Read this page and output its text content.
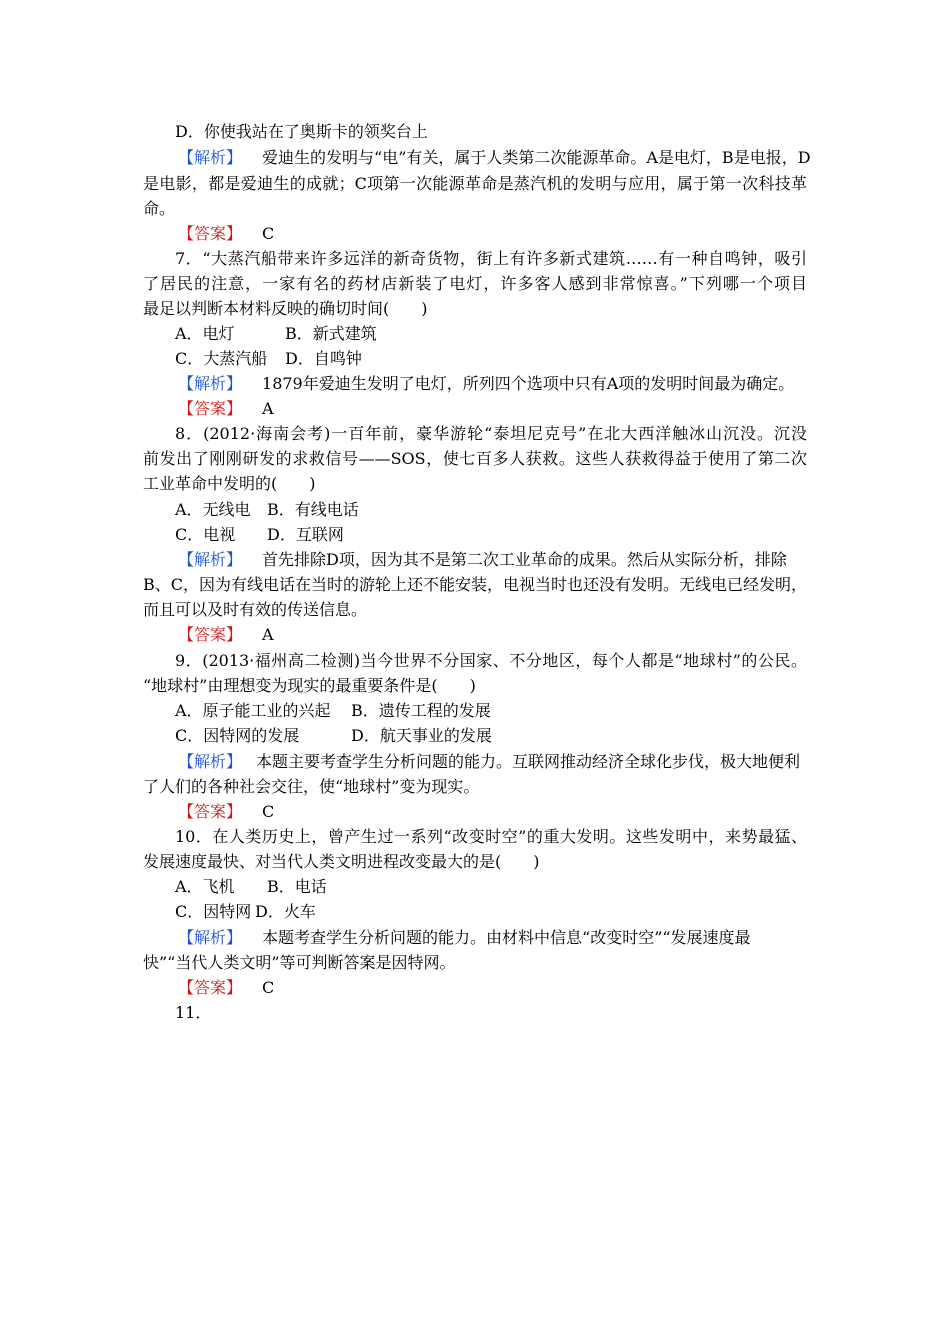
D．你使我站在了奥斯卡的领奖台上
【解析】 爱迪生的发明与“电”有关，属于人类第二次能源革命。A是电灯，B是电报，D
是电影，都是爱迪生的成就；C项第一次能源革命是蒸汽机的发明与应用，属于第一次科技革
命。
【答案】 C
7．“大蒸汽船带来许多远洋的新奇货物，街上有许多新式建筑……有一种自鸣钟，吸引
了居民的注意，一家有名的药材店新装了电灯，许多客人感到非常惊喜。”下列哪一个项目
最足以判断本材料反映的确切时间(　　)
A．电灯	B．新式建筑
C．大蒸汽船 D．自鸣钟
【解析】 1879年爱迪生发明了电灯，所列四个选项中只有A项的发明时间最为确定。
【答案】 A
8．(2012·海南会考)一百年前，豪华游轮“泰坦尼克号”在北大西洋触冰山沉没。沉没
前发出了刚刚研发的求救信号——SOS，使七百多人获救。这些人获救得益于使用了第二次
工业革命中发明的(　　)
A．无线电 B．有线电话
C．电视 D．互联网
【解析】 首先排除D项，因为其不是第二次工业革命的成果。然后从实际分析，排除
B、C，因为有线电话在当时的游轮上还不能安装，电视当时也还没有发明。无线电已经发明，
而且可以及时有效的传送信息。
【答案】 A
9．(2013·福州高二检测)当今世界不分国家、不分地区，每个人都是“地球村”的公民。
“地球村”由理想变为现实的最重要条件是(　　)
A．原子能工业的兴起 B．遗传工程的发展
C．因特网的发展	D．航天事业的发展
【解析】 本题主要考查学生分析问题的能力。互联网推动经济全球化步伐，极大地便利
了人们的各种社会交往，使“地球村”变为现实。
【答案】 C
10．在人类历史上，曾产生过一系列“改变时空”的重大发明。这些发明中，来势最猛、
发展速度最快、对当代人类文明进程改变最大的是(　　)
A．飞机 B．电话
C．因特网 D．火车
【解析】 本题考查学生分析问题的能力。由材料中信息“改变时空”“发展速度最
快”“当代人类文明”等可判断答案是因特网。
【答案】 C
11．
